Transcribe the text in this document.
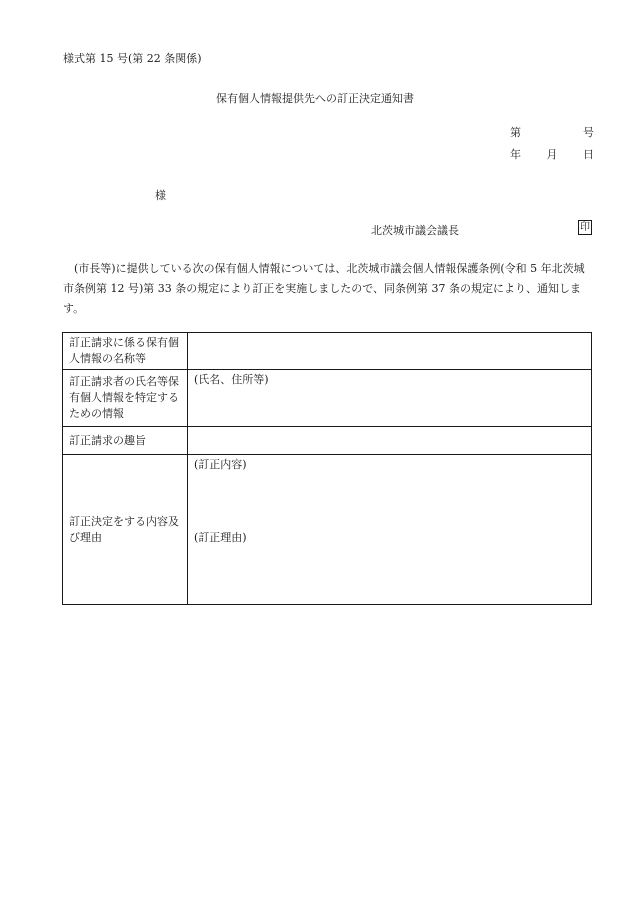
様式第 15 号(第 22 条関係)
保有個人情報提供先への訂正決定通知書
第	号
年 月 日
様
北茨城市議会議長	印
(市長等)に提供している次の保有個人情報については、北茨城市議会個人情報保護条例(令和 5 年北茨城市条例第 12 号)第 33 条の規定により訂正を実施しましたので、同条例第 37 条の規定により、通知します。
訂正請求に係る保有個人情報の名称等	
訂正請求者の氏名等保有個人情報を特定するための情報	(氏名、住所等)
訂正請求の趣旨	
訂正決定をする内容及び理由	(訂正内容)
(訂正理由)
